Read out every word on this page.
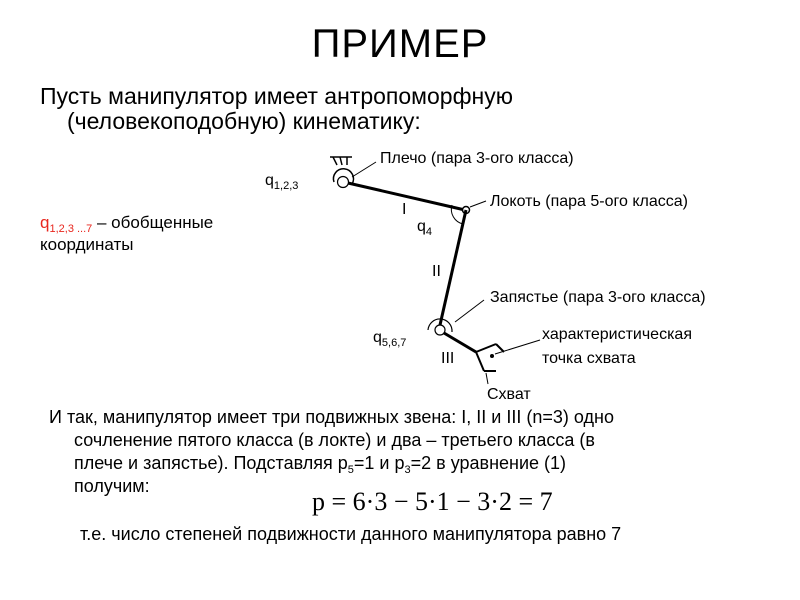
ПРИМЕР
Пусть манипулятор имеет антропоморфную
(человекоподобную) кинематику:
$q_{1,2,3 ...7}$ – обобщенные
координаты
Плечо (пара 3-ого класса)
Локоть (пара 5-ого класса)
Запястье (пара 3-ого класса)
характеристическая
точка схвата
Схват
$q_{1,2,3}$
$q_4$
$q_{5,6,7}$
I
II
III
И так, манипулятор имеет три подвижных звена: I, II и III (n=3) одно
сочленение пятого класса (в локте) и два – третьего класса (в
плече и запястье). Подставляя $p_5=1$ и $p_3=2$ в уравнение (1)
получим:
p = 6·3 − 5·1 − 3·2 = 7
т.е. число степеней подвижности данного манипулятора равно 7
